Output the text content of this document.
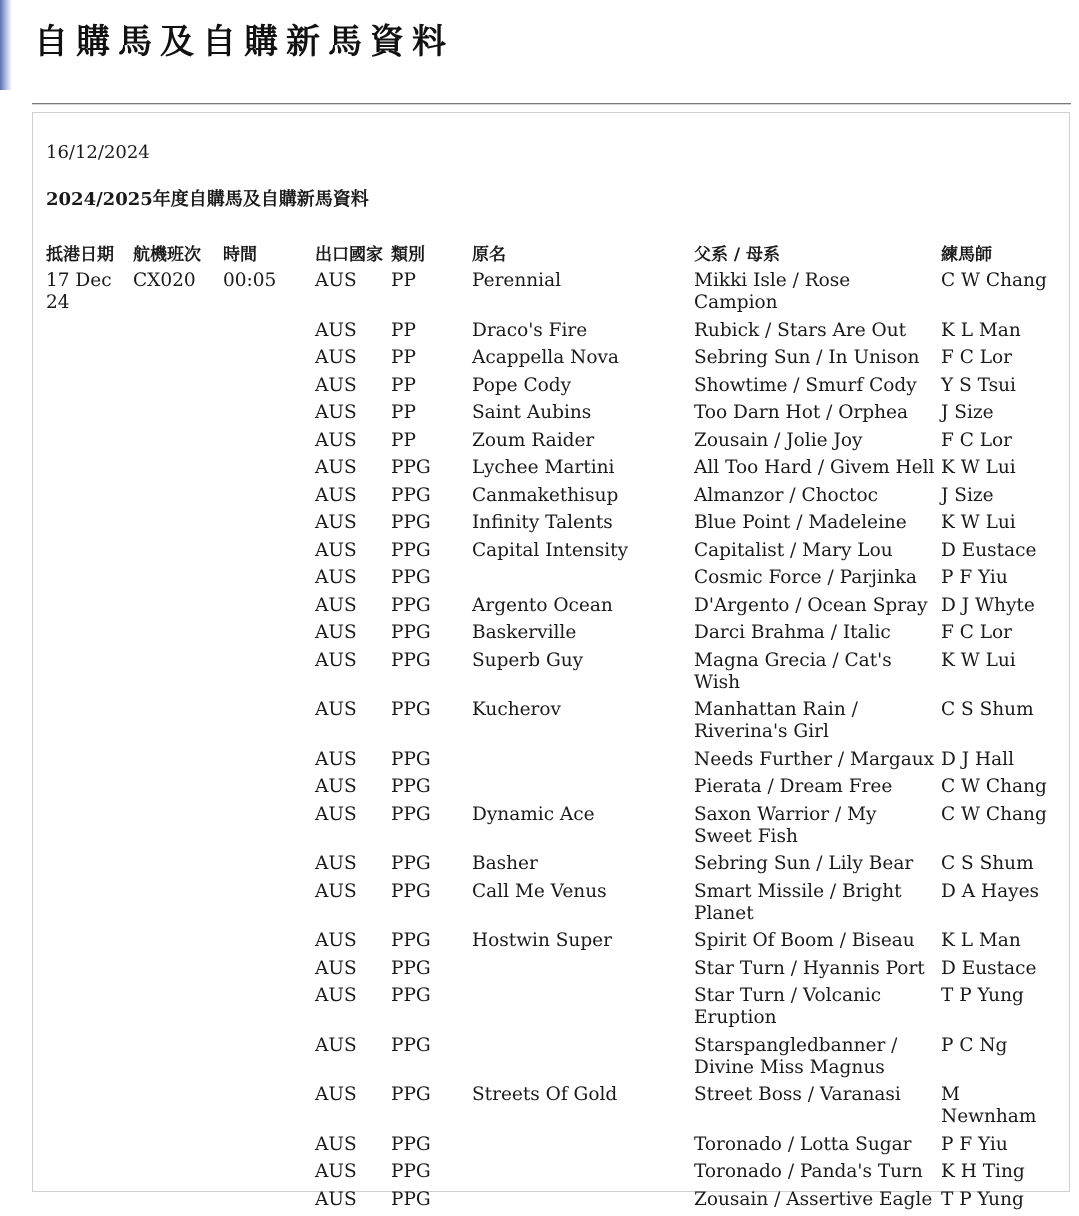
自購馬及自購新馬資料
16/12/2024
2024/2025年度自購馬及自購新馬資料
抵港日期	航機班次	時間	出口國家	類別	原名	父系 / 母系	練馬師
17 Dec 24	CX020	00:05	AUS	PP	Perennial	Mikki Isle / Rose Campion	C W Chang
			AUS	PP	Draco's Fire	Rubick / Stars Are Out	K L Man
			AUS	PP	Acappella Nova	Sebring Sun / In Unison	F C Lor
			AUS	PP	Pope Cody	Showtime / Smurf Cody	Y S Tsui
			AUS	PP	Saint Aubins	Too Darn Hot / Orphea	J Size
			AUS	PP	Zoum Raider	Zousain / Jolie Joy	F C Lor
			AUS	PPG	Lychee Martini	All Too Hard / Givem Hell	K W Lui
			AUS	PPG	Canmakethisup	Almanzor / Choctoc	J Size
			AUS	PPG	Infinity Talents	Blue Point / Madeleine	K W Lui
			AUS	PPG	Capital Intensity	Capitalist / Mary Lou	D Eustace
			AUS	PPG		Cosmic Force / Parjinka	P F Yiu
			AUS	PPG	Argento Ocean	D'Argento / Ocean Spray	D J Whyte
			AUS	PPG	Baskerville	Darci Brahma / Italic	F C Lor
			AUS	PPG	Superb Guy	Magna Grecia / Cat's Wish	K W Lui
			AUS	PPG	Kucherov	Manhattan Rain / Riverina's Girl	C S Shum
			AUS	PPG		Needs Further / Margaux	D J Hall
			AUS	PPG		Pierata / Dream Free	C W Chang
			AUS	PPG	Dynamic Ace	Saxon Warrior / My Sweet Fish	C W Chang
			AUS	PPG	Basher	Sebring Sun / Lily Bear	C S Shum
			AUS	PPG	Call Me Venus	Smart Missile / Bright Planet	D A Hayes
			AUS	PPG	Hostwin Super	Spirit Of Boom / Biseau	K L Man
			AUS	PPG		Star Turn / Hyannis Port	D Eustace
			AUS	PPG		Star Turn / Volcanic Eruption	T P Yung
			AUS	PPG		Starspangledbanner / Divine Miss Magnus	P C Ng
			AUS	PPG	Streets Of Gold	Street Boss / Varanasi	M Newnham
			AUS	PPG		Toronado / Lotta Sugar	P F Yiu
			AUS	PPG		Toronado / Panda's Turn	K H Ting
			AUS	PPG		Zousain / Assertive Eagle	T P Yung
